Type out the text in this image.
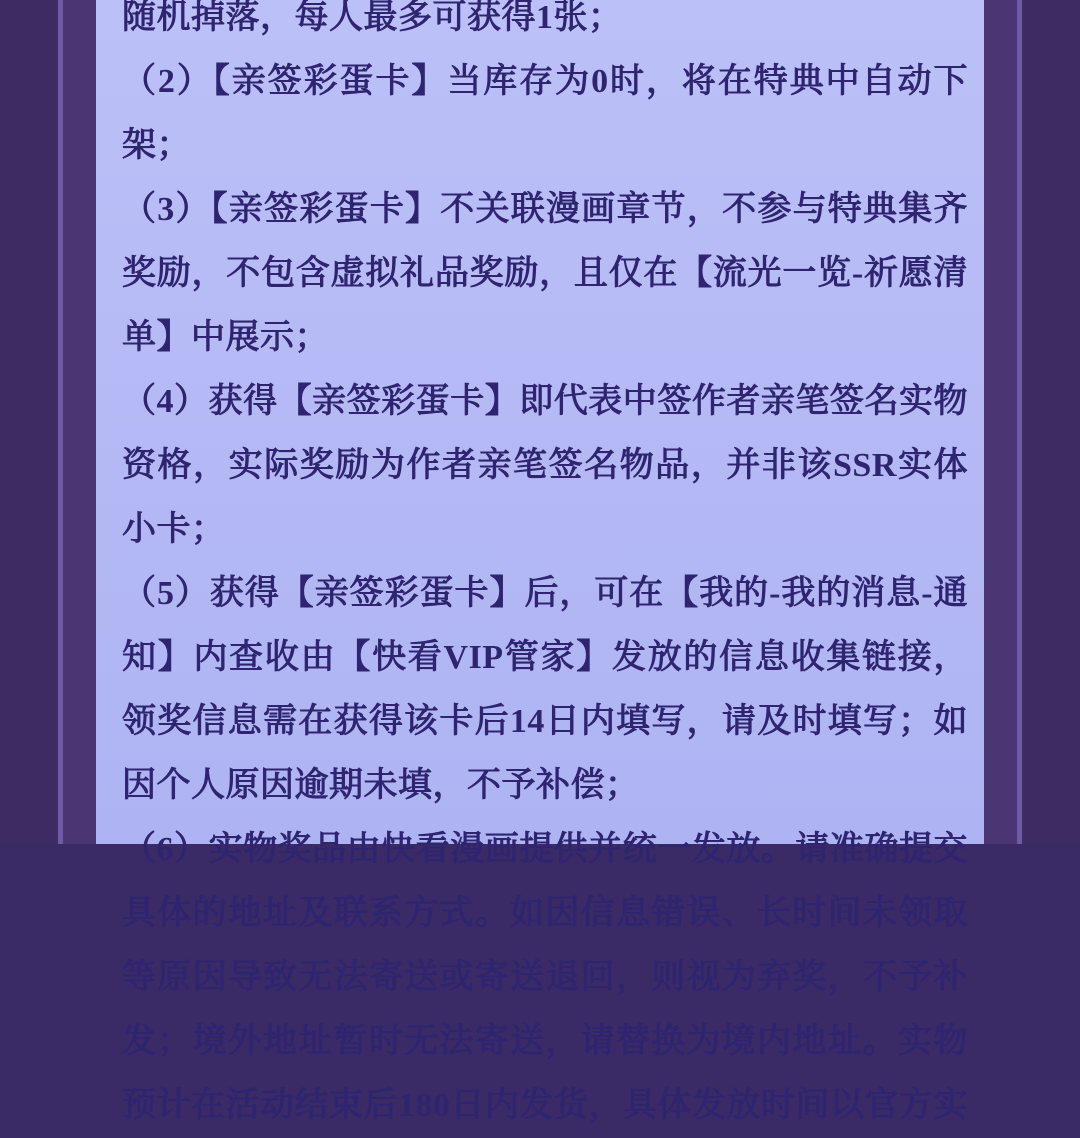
随机掉落，每人最多可获得1张；

（2）【亲签彩蛋卡】当库存为0时，将在特典中自动下架；

（3）【亲签彩蛋卡】不关联漫画章节，不参与特典集齐奖励，不包含虚拟礼品奖励，且仅在【流光一览-祈愿清单】中展示；

（4）获得【亲签彩蛋卡】即代表中签作者亲笔签名实物资格，实际奖励为作者亲笔签名物品，并非该SSR实体小卡；

（5）获得【亲签彩蛋卡】后，可在【我的-我的消息-通知】内查收由【快看VIP管家】发放的信息收集链接，领奖信息需在获得该卡后14日内填写，请及时填写；如因个人原因逾期未填，不予补偿；

（6）实物奖品由快看漫画提供并统一发放。请准确提交具体的地址及联系方式。如因信息错误、长时间未领取等原因导致无法寄送或寄送退回，则视为弃奖，不予补发；境外地址暂时无法寄送，请替换为境内地址。实物预计在活动结束后180日内发货，具体发放时间以官方实
